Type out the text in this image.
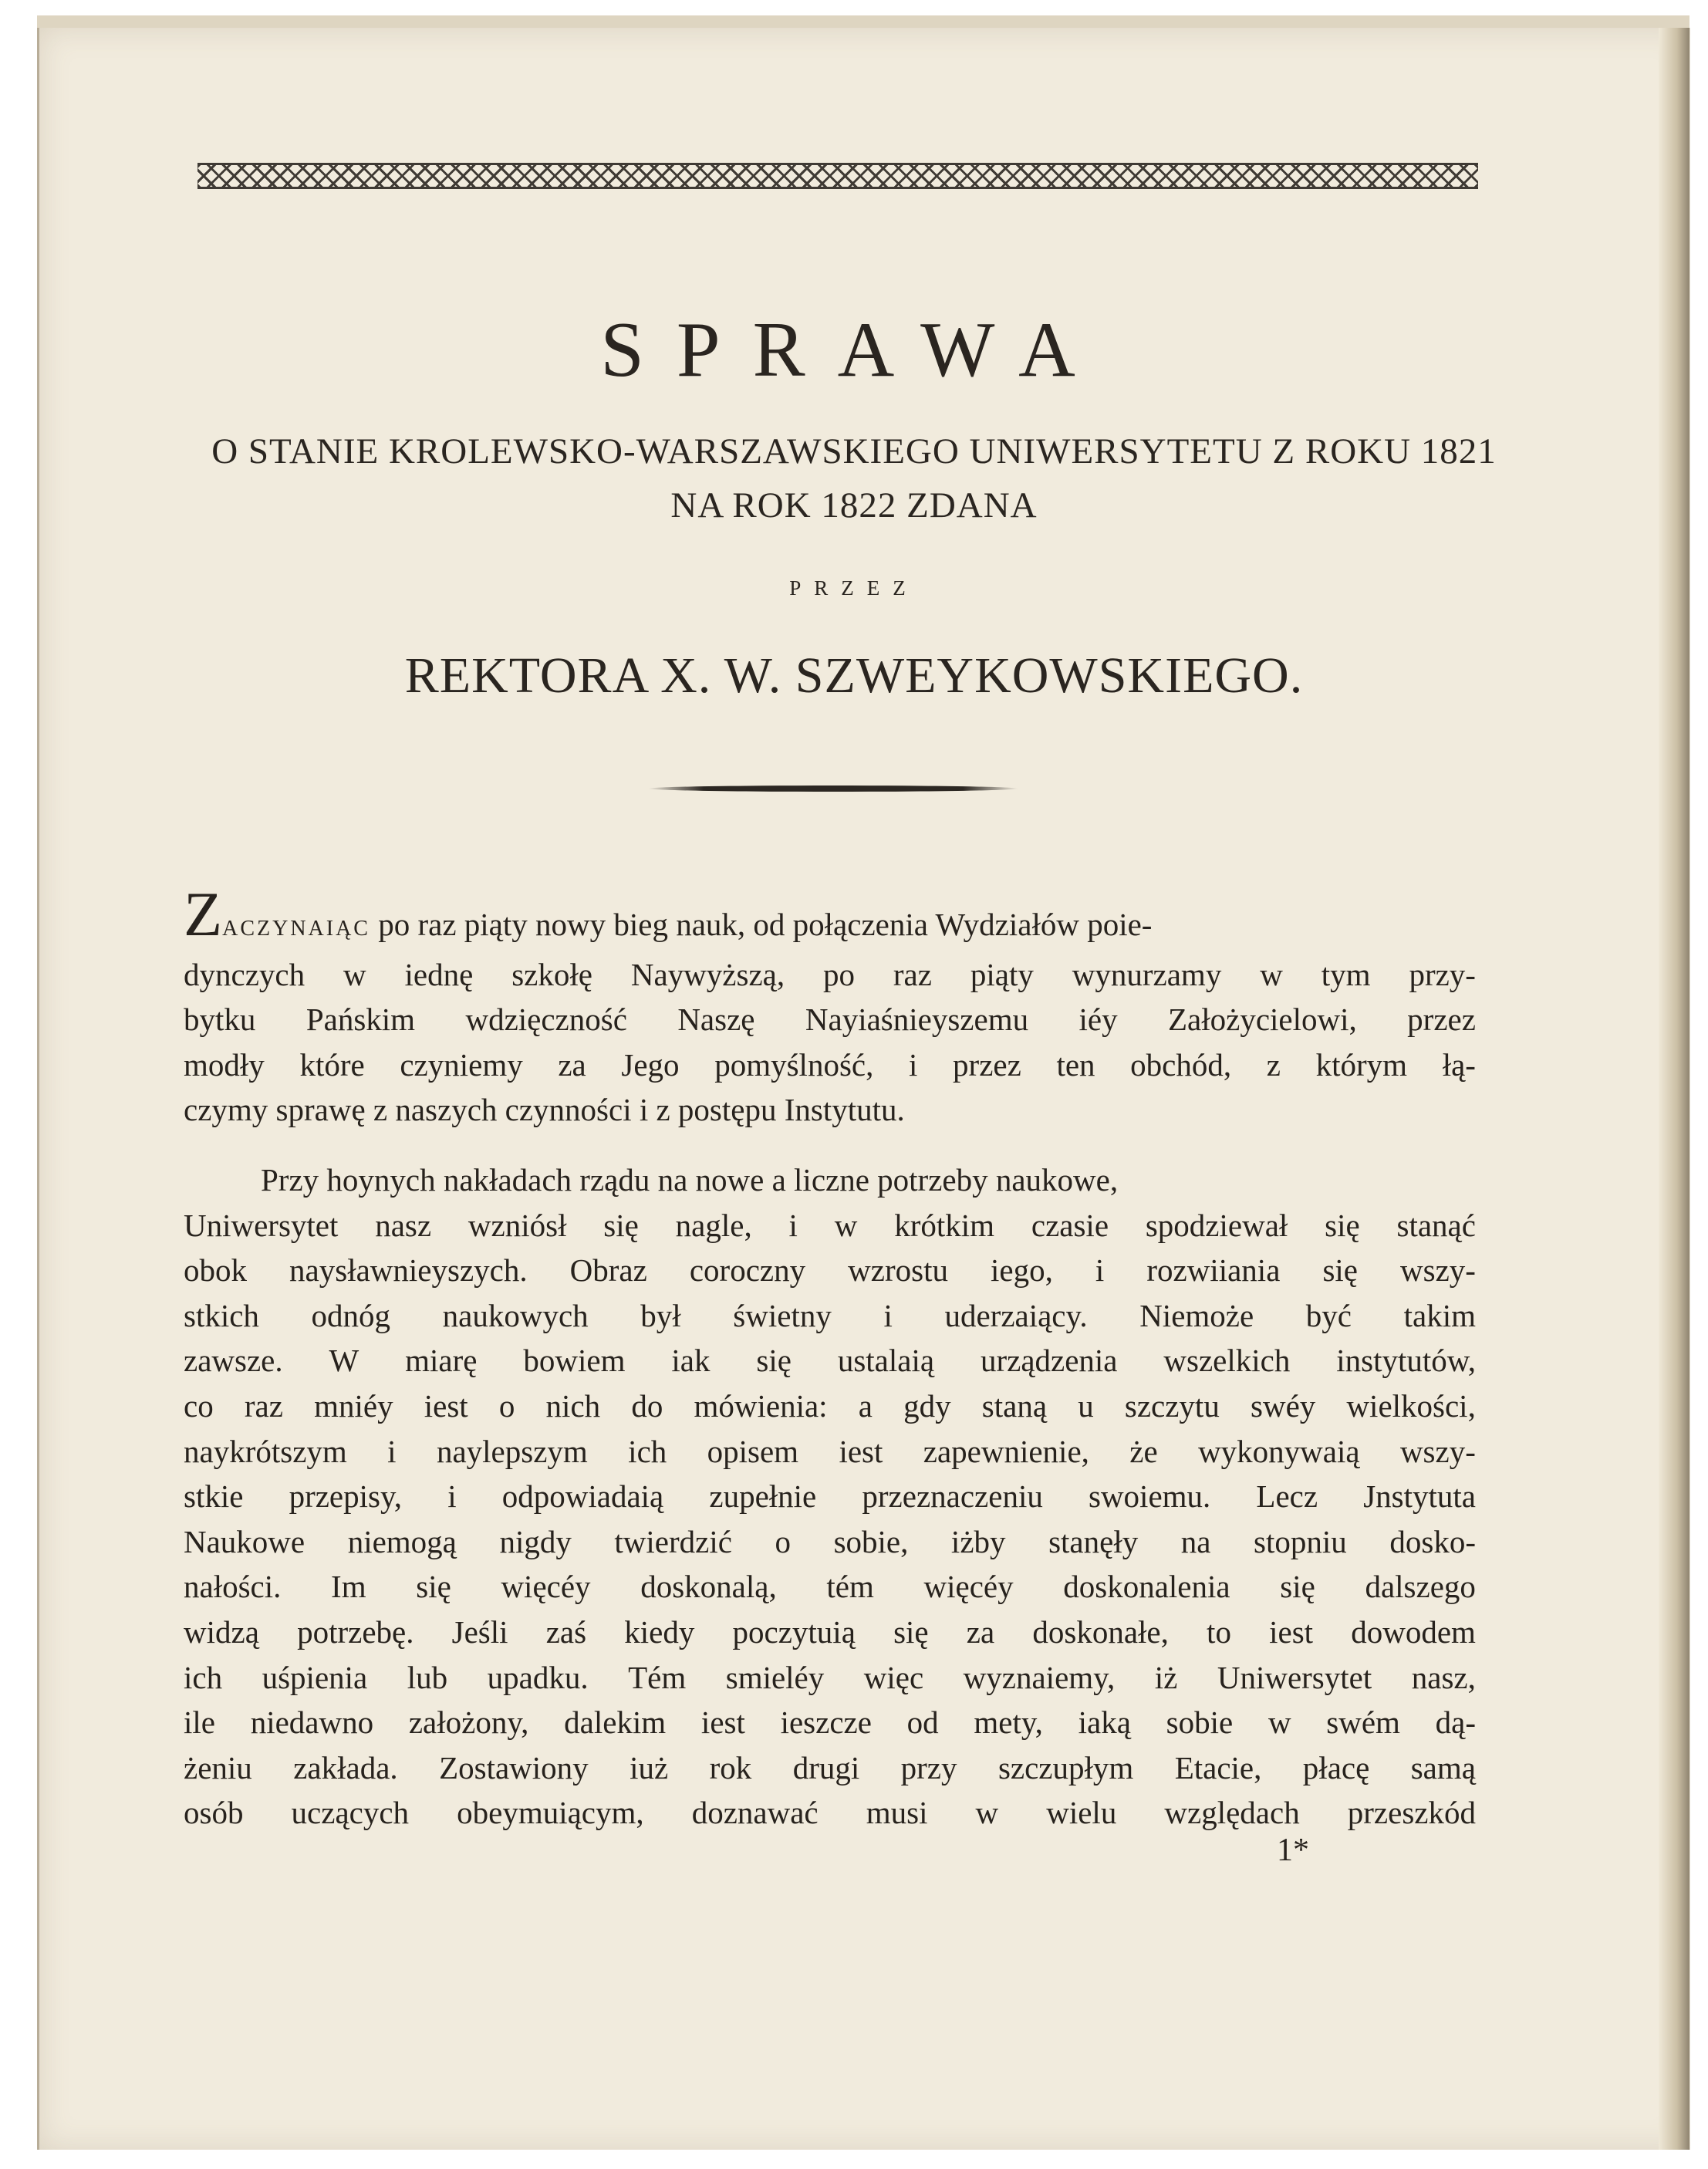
SPRAWA
O STANIE KROLEWSKO-WARSZAWSKIEGO UNIWERSYTETU Z ROKU 1821
NA ROK 1822 ZDANA
PRZEZ
REKTORA X. W. SZWEYKOWSKIEGO.
ZACZYNAIĄC po raz piąty nowy bieg nauk, od połączenia Wydziałów poie-
dynczych w iednę szkołę Naywyższą, po raz piąty wynurzamy w tym przy-
bytku Pańskim wdzięczność Naszę Nayiaśnieyszemu iéy Założycielowi, przez
modły które czyniemy za Jego pomyślność, i przez ten obchód, z którym łą-
czymy sprawę z naszych czynności i z postępu Instytutu.
Przy hoynych nakładach rządu na nowe a liczne potrzeby naukowe,
Uniwersytet nasz wzniósł się nagle, i w krótkim czasie spodziewał się stanąć
obok naysławnieyszych. Obraz coroczny wzrostu iego, i rozwiiania się wszy-
stkich odnóg naukowych był świetny i uderzaiący. Niemoże być takim
zawsze. W miarę bowiem iak się ustalaią urządzenia wszelkich instytutów,
co raz mniéy iest o nich do mówienia: a gdy staną u szczytu swéy wielkości,
naykrótszym i naylepszym ich opisem iest zapewnienie, że wykonywaią wszy-
stkie przepisy, i odpowiadaią zupełnie przeznaczeniu swoiemu. Lecz Jnstytuta
Naukowe niemogą nigdy twierdzić o sobie, iżby stanęły na stopniu dosko-
nałości. Im się więcéy doskonalą, tém więcéy doskonalenia się dalszego
widzą potrzebę. Jeśli zaś kiedy poczytuią się za doskonałe, to iest dowodem
ich uśpienia lub upadku. Tém smieléy więc wyznaiemy, iż Uniwersytet nasz,
ile niedawno założony, dalekim iest ieszcze od mety, iaką sobie w swém dą-
żeniu zakłada. Zostawiony iuż rok drugi przy szczupłym Etacie, płacę samą
osób uczących obeymuiącym, doznawać musi w wielu względach przeszkód
1*
